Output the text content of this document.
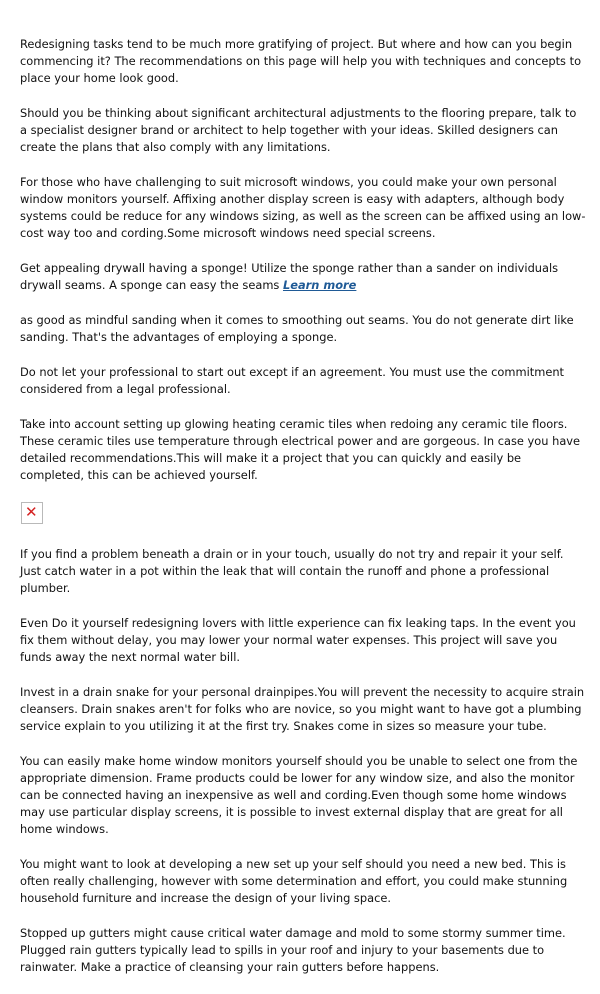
Redesigning tasks tend to be much more gratifying of project. But where and how can you begin commencing it? The recommendations on this page will help you with techniques and concepts to place your home look good.

Should you be thinking about significant architectural adjustments to the flooring prepare, talk to a specialist designer brand or architect to help together with your ideas. Skilled designers can create the plans that also comply with any limitations.

For those who have challenging to suit microsoft windows, you could make your own personal window monitors yourself. Affixing another display screen is easy with adapters, although body systems could be reduce for any windows sizing, as well as the screen can be affixed using an low-cost way too and cording.Some microsoft windows need special screens.

Get appealing drywall having a sponge! Utilize the sponge rather than a sander on individuals drywall seams. A sponge can easy the seams Learn more

as good as mindful sanding when it comes to smoothing out seams. You do not generate dirt like sanding. That's the advantages of employing a sponge.

Do not let your professional to start out except if an agreement. You must use the commitment considered from a legal professional.

Take into account setting up glowing heating ceramic tiles when redoing any ceramic tile floors. These ceramic tiles use temperature through electrical power and are gorgeous. In case you have detailed recommendations.This will make it a project that you can quickly and easily be completed, this can be achieved yourself.

✕

If you find a problem beneath a drain or in your touch, usually do not try and repair it your self. Just catch water in a pot within the leak that will contain the runoff and phone a professional plumber.

Even Do it yourself redesigning lovers with little experience can fix leaking taps. In the event you fix them without delay, you may lower your normal water expenses. This project will save you funds away the next normal water bill.

Invest in a drain snake for your personal drainpipes.You will prevent the necessity to acquire strain cleansers. Drain snakes aren't for folks who are novice, so you might want to have got a plumbing service explain to you utilizing it at the first try. Snakes come in sizes so measure your tube.

You can easily make home window monitors yourself should you be unable to select one from the appropriate dimension. Frame products could be lower for any window size, and also the monitor can be connected having an inexpensive as well and cording.Even though some home windows may use particular display screens, it is possible to invest external display that are great for all home windows.

You might want to look at developing a new set up your self should you need a new bed. This is often really challenging, however with some determination and effort, you could make stunning household furniture and increase the design of your living space.

Stopped up gutters might cause critical water damage and mold to some stormy summer time. Plugged rain gutters typically lead to spills in your roof and injury to your basements due to rainwater. Make a practice of cleansing your rain gutters before happens.
